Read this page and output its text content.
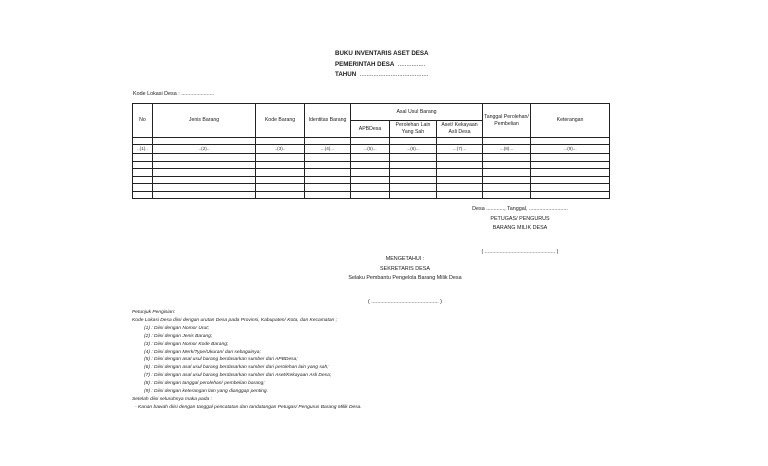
BUKU INVENTARIS ASET DESA
PEMERINTAH DESA ................
TAHUN ........................................
Kode Lokasi Desa : ......................
No	Jenis Barang	Kode Barang	Identitas Barang	Asal Usul Barang			Tanggal Perolehan/ Pembelian	Keterangan
				APBDesa	Perolehan Lain Yang Sah	Aset/ Kekayaan Asli Desa		

..(1)..	..(2)..	..(3)..	...(4)...	...(5)...	...(6)...	...(7)...	...(8)...	...(9)...

Desa ............, Tanggal, ..........................
PETUGAS/ PENGURUS
BARANG MILIK DESA
( ............................................... )
MENGETAHUI :
SEKRETARIS DESA
Selaku Pembantu Pengelola Barang Milik Desa
( ............................................. )
Petunjuk Pengisian:
Kode Lokasi Desa diisi dengan urutan Desa pada Provinsi, Kabupaten/ Kota, dan Kecamatan ;
(1) : Diisi dengan Nomor Urut;
(2) : Diisi dengan Jenis Barang;
(3) : Diisi dengan Nomor Kode Barang;
(4) : Diisi dengan Merk/Type/Ukuran/ dan sebagainya;
(5) : Diisi dengan asal usul barang berdasarkan sumber dari APBDesa;
(6) : Diisi dengan asal usul barang berdasarkan sumber dari perolehan lain yang sah;
(7) : Diisi dengan asal usul barang berdasarkan sumber dari Aset/Kekayaan Asli Desa;
(8) : Diisi dengan tanggal perolehan/ pembelian barang;
(9) : Diisi dengan keterangan lain yang dianggap penting.
Setelah diisi seluruhnya maka pada :
- Kanan bawah diisi dengan tanggal pencatatan dan tandatangan Petugas/ Pengurus Barang Milik Desa.
